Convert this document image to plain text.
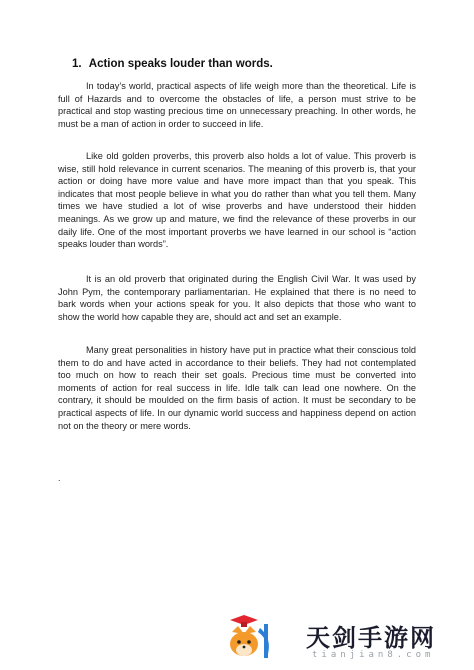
1. Action speaks louder than words.

In today’s world, practical aspects of life weigh more than the theoretical. Life is full of Hazards and to overcome the obstacles of life, a person must strive to be practical and stop wasting precious time on unnecessary preaching. In other words, he must be a man of action in order to succeed in life.

Like old golden proverbs, this proverb also holds a lot of value. This proverb is wise, still hold relevance in current scenarios. The meaning of this proverb is, that your action or doing have more value and have more impact than that you speak. This indicates that most people believe in what you do rather than what you tell them. Many times we have studied a lot of wise proverbs and have understood their hidden meanings. As we grow up and mature, we find the relevance of these proverbs in our daily life. One of the most important proverbs we have learned in our school is “action speaks louder than words”.

It is an old proverb that originated during the English Civil War. It was used by John Pym, the contemporary parliamentarian. He explained that there is no need to bark words when your actions speak for you. It also depicts that those who want to show the world how capable they are, should act and set an example.

Many great personalities in history have put in practice what their conscious told them to do and have acted in accordance to their beliefs. They had not contemplated too much on how to reach their set goals. Precious time must be converted into moments of action for real success in life. Idle talk can lead one nowhere. On the contrary, it should be moulded on the firm basis of action. It must be secondary to be practical aspects of life. In our dynamic world success and happiness depend on action not on the theory or mere words.

.
天剑手游网
tianjian8.com
